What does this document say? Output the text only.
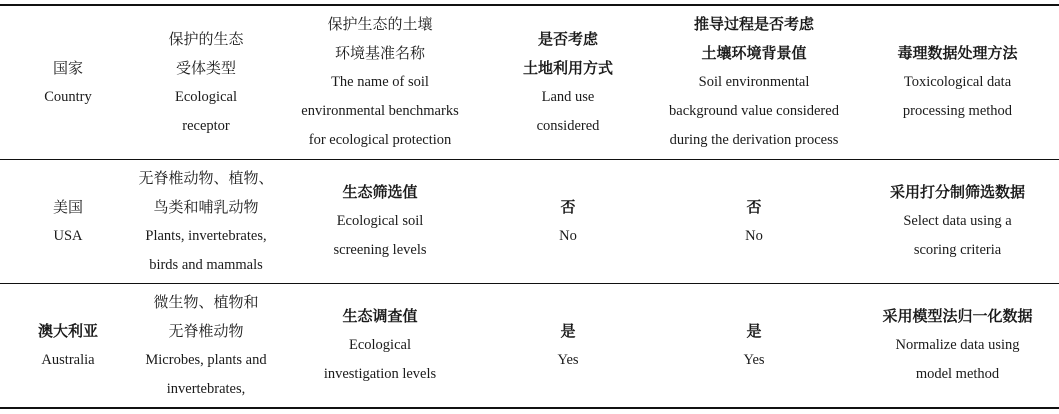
国家
Country
保护的生态
受体类型
Ecological
receptor
保护生态的土壤
环境基准名称
The name of soil
environmental benchmarks
for ecological protection
是否考虑
土地利用方式
Land use
considered
推导过程是否考虑
土壤环境背景值
Soil environmental
background value considered
during the derivation process
毒理数据处理方法
Toxicological data
processing method
美国
USA
无脊椎动物、植物、
鸟类和哺乳动物
Plants, invertebrates,
birds and mammals
生态筛选值
Ecological soil
screening levels
否
No
否
No
采用打分制筛选数据
Select data using a
scoring criteria
澳大利亚
Australia
微生物、植物和
无脊椎动物
Microbes, plants and
invertebrates,
生态调查值
Ecological
investigation levels
是
Yes
是
Yes
采用模型法归一化数据
Normalize data using
model method
